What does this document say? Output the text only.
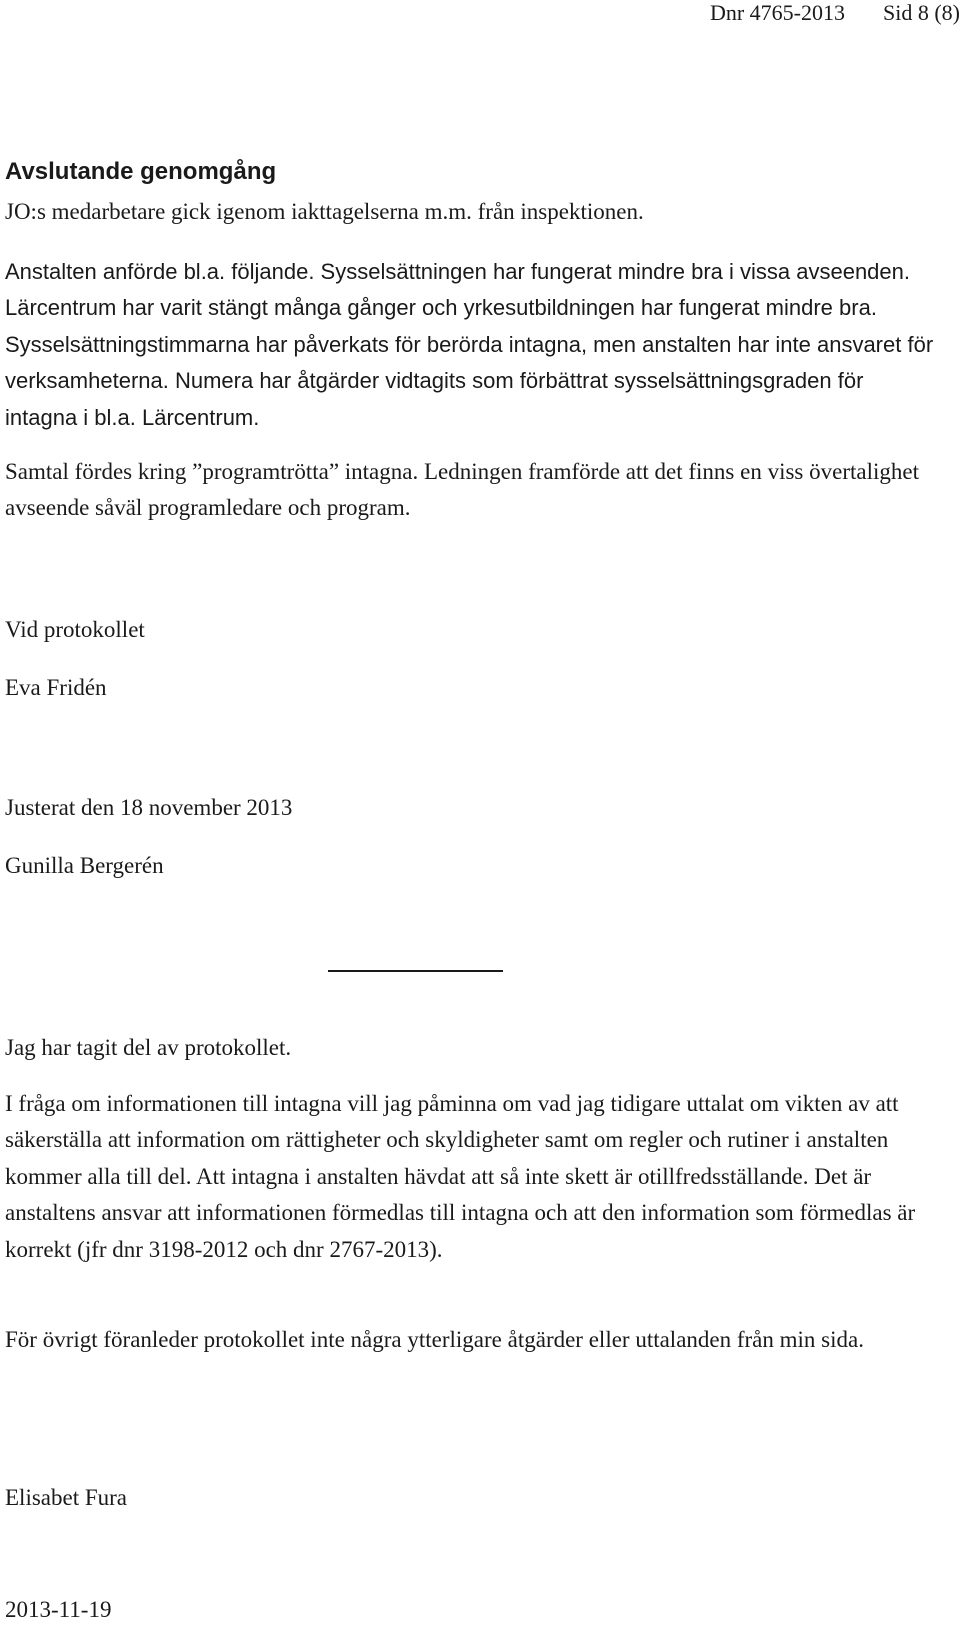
Dnr 4765-2013 Sid 8 (8)
Avslutande genomgång

JO:s medarbetare gick igenom iakttagelserna m.m. från inspektionen.

Anstalten anförde bl.a. följande. Sysselsättningen har fungerat mindre bra i vissa avseenden. Lärcentrum har varit stängt många gånger och yrkesutbildningen har fungerat mindre bra. Sysselsättningstimmarna har påverkats för berörda intagna, men anstalten har inte ansvaret för verksamheterna. Numera har åtgärder vidtagits som förbättrat sysselsättningsgraden för intagna i bl.a. Lärcentrum.

Samtal fördes kring ”programtrötta” intagna. Ledningen framförde att det finns en viss övertalighet avseende såväl programledare och program.

Vid protokollet

Eva Fridén

Justerat den 18 november 2013

Gunilla Bergerén

Jag har tagit del av protokollet.

I fråga om informationen till intagna vill jag påminna om vad jag tidigare uttalat om vikten av att säkerställa att information om rättigheter och skyldigheter samt om regler och rutiner i anstalten kommer alla till del. Att intagna i anstalten hävdat att så inte skett är otillfredsställande. Det är anstaltens ansvar att informationen förmedlas till intagna och att den information som förmedlas är korrekt (jfr dnr 3198-2012 och dnr 2767-2013).

För övrigt föranleder protokollet inte några ytterligare åtgärder eller uttalanden från min sida.

Elisabet Fura

2013-11-19
